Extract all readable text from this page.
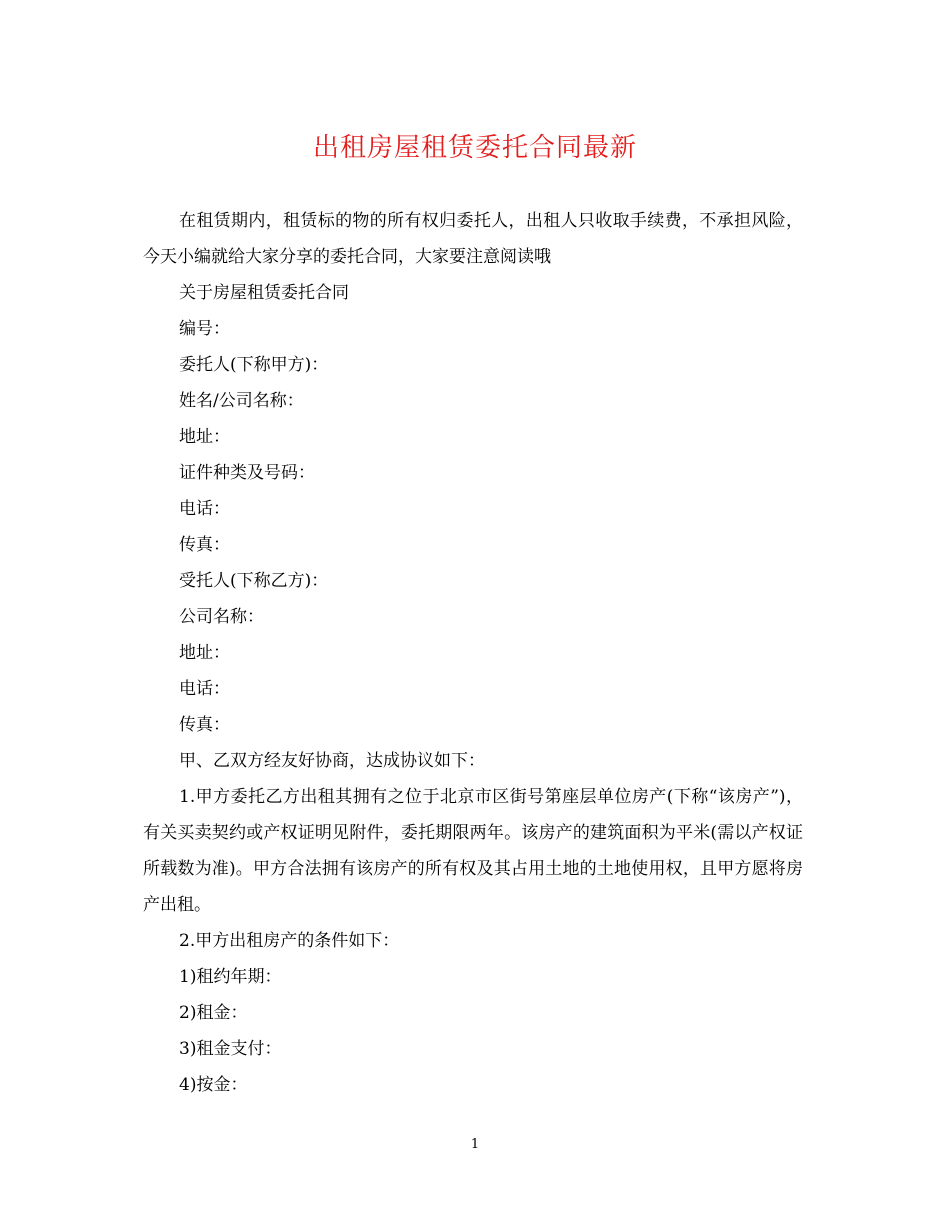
出租房屋租赁委托合同最新

在租赁期内，租赁标的物的所有权归委托人，出租人只收取手续费，不承担风险，今天小编就给大家分享的委托合同，大家要注意阅读哦

关于房屋租赁委托合同

编号：

委托人(下称甲方)：

姓名/公司名称：

地址：

证件种类及号码：

电话：

传真：

受托人(下称乙方)：

公司名称：

地址：

电话：

传真：

甲、乙双方经友好协商，达成协议如下：

1.甲方委托乙方出租其拥有之位于北京市区街号第座层单位房产(下称“该房产”)，有关买卖契约或产权证明见附件，委托期限两年。该房产的建筑面积为平米(需以产权证所载数为准)。甲方合法拥有该房产的所有权及其占用土地的土地使用权，且甲方愿将房产出租。

2.甲方出租房产的条件如下：

1)租约年期：

2)租金：

3)租金支付：

4)按金：

1
